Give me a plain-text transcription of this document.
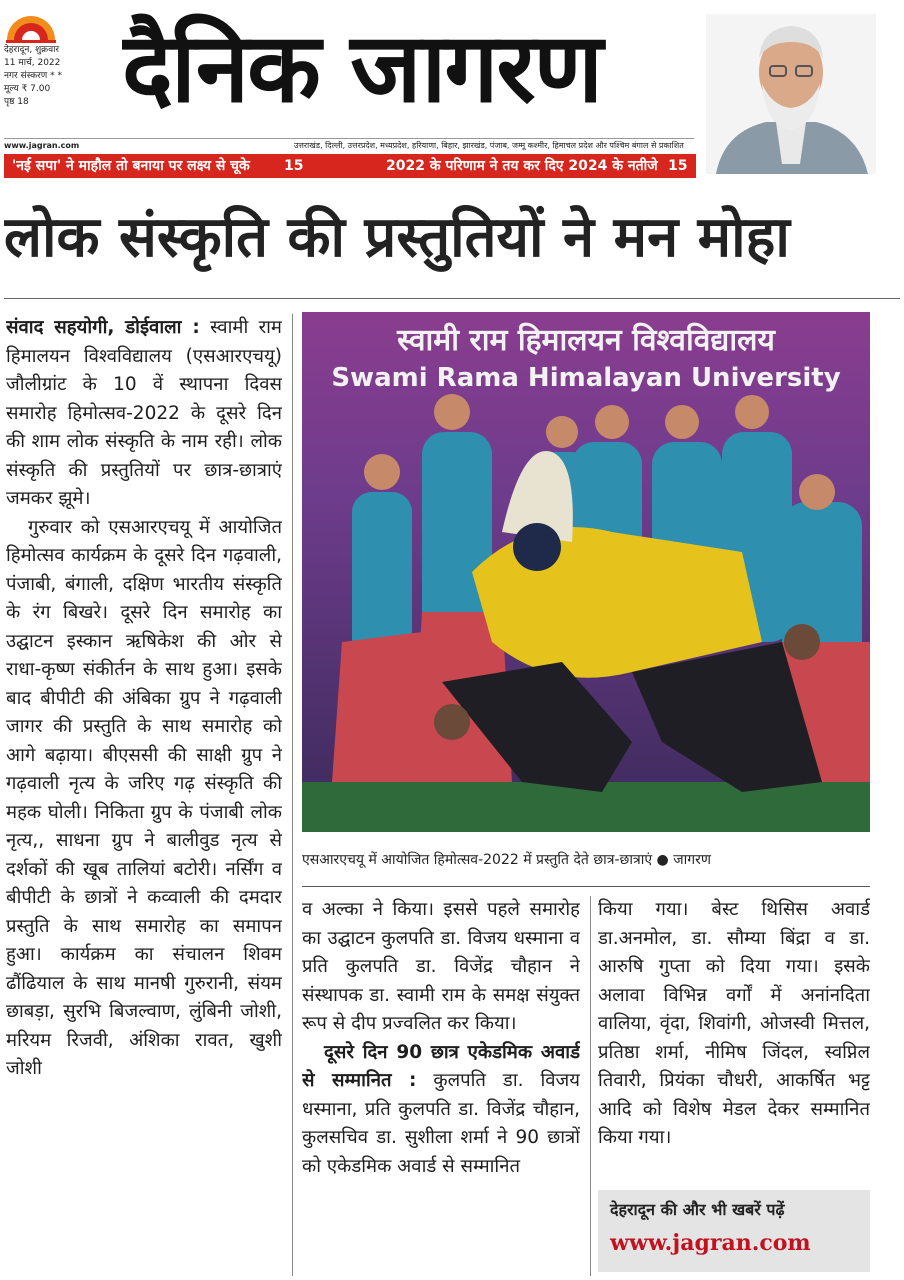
देहरादून, शुक्रवार
11 मार्च, 2022
नगर संस्करण * *
मूल्य ₹ 7.00
पृष्ठ 18 दैनिक जागरण
www.jagran.com	उत्तराखंड, दिल्ली, उत्तरप्रदेश, मध्यप्रदेश, हरियाणा, बिहार, झारखंड, पंजाब, जम्मू कश्मीर, हिमाचल प्रदेश और पश्चिम बंगाल से प्रकाशित
'नई सपा' ने माहौल तो बनाया पर लक्ष्य से चूके 15	2022 के परिणाम ने तय कर दिए 2024 के नतीजे 15
लोक संस्कृति की प्रस्तुतियों ने मन मोहा

संवाद सहयोगी, डोईवाला : स्वामी राम हिमालयन विश्वविद्यालय (एसआरएचयू) जौलीग्रांट के 10 वें स्थापना दिवस समारोह हिमोत्सव-2022 के दूसरे दिन की शाम लोक संस्कृति के नाम रही। लोक संस्कृति की प्रस्तुतियों पर छात्र-छात्राएं जमकर झूमे।

गुरुवार को एसआरएचयू में आयोजित हिमोत्सव कार्यक्रम के दूसरे दिन गढ़वाली, पंजाबी, बंगाली, दक्षिण भारतीय संस्कृति के रंग बिखरे। दूसरे दिन समारोह का उद्घाटन इस्कान ऋषिकेश की ओर से राधा-कृष्ण संकीर्तन के साथ हुआ। इसके बाद बीपीटी की अंबिका ग्रुप ने गढ़वाली जागर की प्रस्तुति के साथ समारोह को आगे बढ़ाया। बीएससी की साक्षी ग्रुप ने गढ़वाली नृत्य के जरिए गढ़ संस्कृति की महक घोली। निकिता ग्रुप के पंजाबी लोक नृत्य,, साधना ग्रुप ने बालीवुड नृत्य से दर्शकों की खूब तालियां बटोरी। नर्सिंग व बीपीटी के छात्रों ने कव्वाली की दमदार प्रस्तुति के साथ समारोह का समापन हुआ। कार्यक्रम का संचालन शिवम ढौंढियाल के साथ मानषी गुरुरानी, संयम छाबड़ा, सुरभि बिजल्वाण, लुंबिनी जोशी, मरियम रिजवी, अंशिका रावत, खुशी जोशी

स्वामी राम हिमालयन विश्वविद्यालय
Swami Rama Himalayan University
एसआरएचयू में आयोजित हिमोत्सव-2022 में प्रस्तुति देते छात्र-छात्राएं ● जागरण

व अल्का ने किया। इससे पहले समारोह का उद्घाटन कुलपति डा. विजय धस्माना व प्रति कुलपति डा. विजेंद्र चौहान ने संस्थापक डा. स्वामी राम के समक्ष संयुक्त रूप से दीप प्रज्वलित कर किया।

दूसरे दिन 90 छात्र एकेडमिक अवार्ड से सम्मानित : कुलपति डा. विजय धस्माना, प्रति कुलपति डा. विजेंद्र चौहान, कुलसचिव डा. सुशीला शर्मा ने 90 छात्रों को एकेडमिक अवार्ड से सम्मानित

किया गया। बेस्ट थिसिस अवार्ड डा.अनमोल, डा. सौम्या बिंद्रा व डा. आरुषि गुप्ता को दिया गया। इसके अलावा विभिन्न वर्गों में अनांनदिता वालिया, वृंदा, शिवांगी, ओजस्वी मित्तल, प्रतिष्ठा शर्मा, नीमिष जिंदल, स्वप्निल तिवारी, प्रियंका चौधरी, आकर्षित भट्ट आदि को विशेष मेडल देकर सम्मानित किया गया।

देहरादून की और भी खबरें पढ़ें
www.jagran.com
